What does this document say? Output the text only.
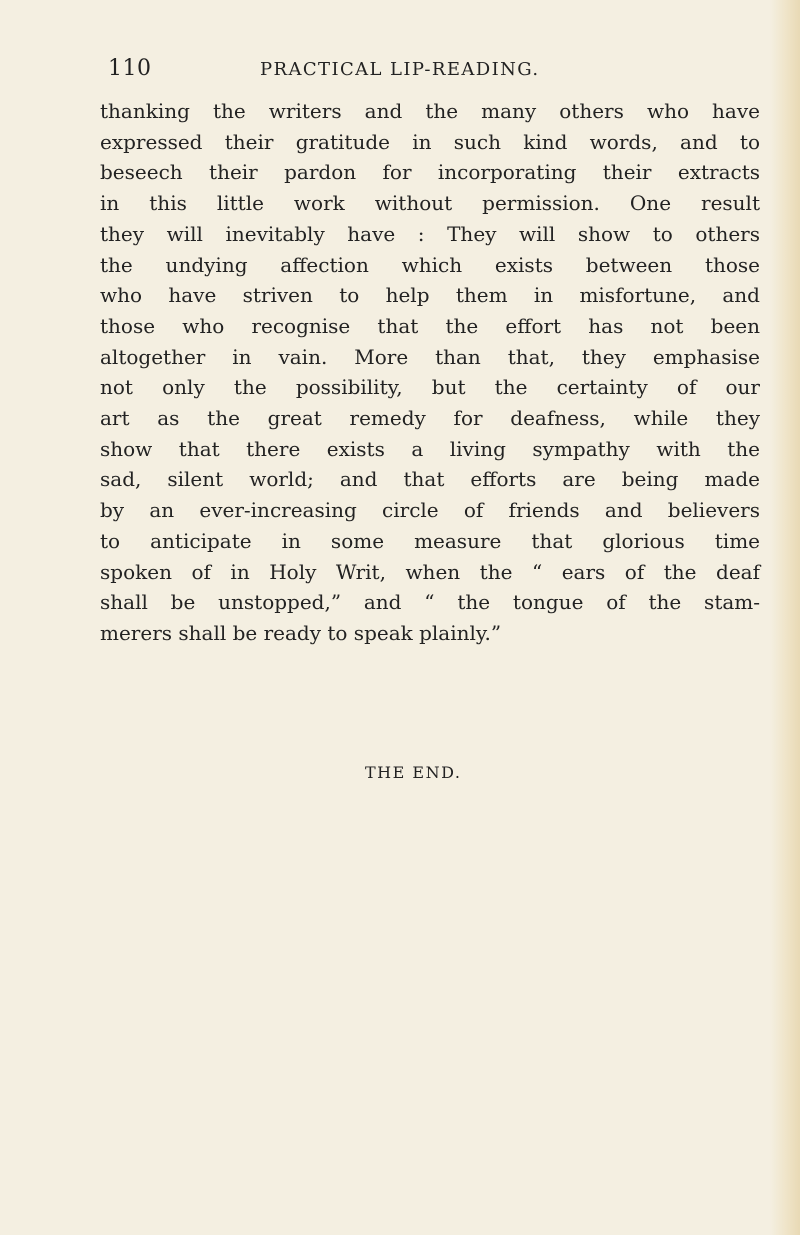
110	PRACTICAL LIP-READING.
thanking the writers and the many others who have
expressed their gratitude in such kind words, and to
beseech their pardon for incorporating their extracts
in this little work without permission. One result
they will inevitably have : They will show to others
the undying affection which exists between those
who have striven to help them in misfortune, and
those who recognise that the effort has not been
altogether in vain. More than that, they emphasise
not only the possibility, but the certainty of our
art as the great remedy for deafness, while they
show that there exists a living sympathy with the
sad, silent world; and that efforts are being made
by an ever-increasing circle of friends and believers
to anticipate in some measure that glorious time
spoken of in Holy Writ, when the “ ears of the deaf
shall be unstopped,” and “ the tongue of the stam-
merers shall be ready to speak plainly.”
THE END.
